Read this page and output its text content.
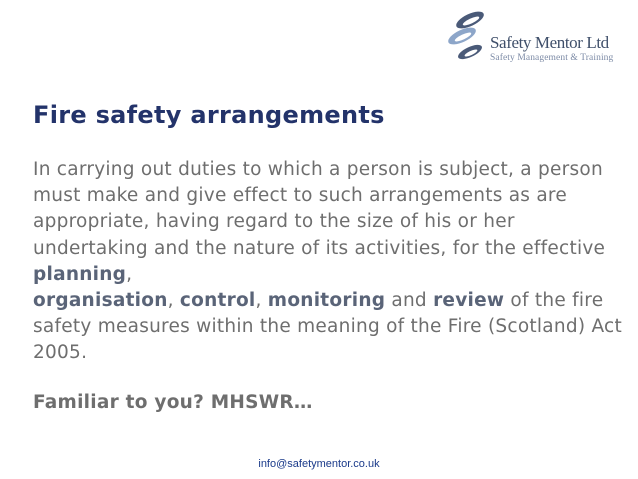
Safety Mentor Ltd
Safety Management & Training
Fire safety arrangements

In carrying out duties to which a person is subject, a person must make and give effect to such arrangements as are appropriate, having regard to the size of his or her undertaking and the nature of its activities, for the effective planning,
organisation, control, monitoring and review of the fire safety measures within the meaning of the Fire (Scotland) Act 2005.

Familiar to you? MHSWR…

info@safetymentor.co.uk
